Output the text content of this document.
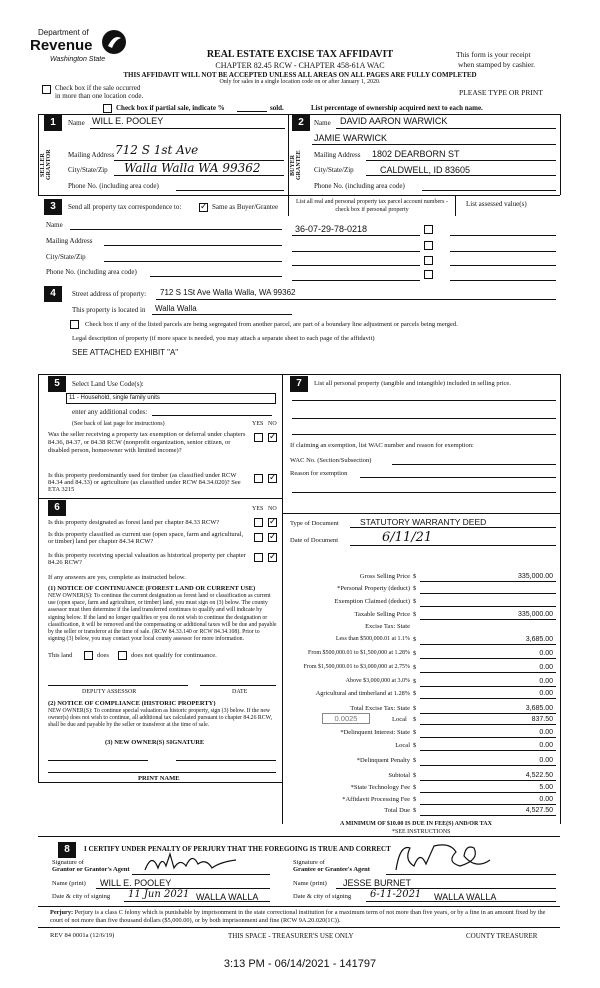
Department of
Revenue
Washington State	REAL ESTATE EXCISE TAX AFFIDAVIT
CHAPTER 82.45 RCW - CHAPTER 458-61A WAC
THIS AFFIDAVIT WILL NOT BE ACCEPTED UNLESS ALL AREAS ON ALL PAGES ARE FULLY COMPLETED
Only for sales in a single location code on or after January 1, 2020.
This form is your receipt
when stamped by cashier.
PLEASE TYPE OR PRINT
Check box if the sale occurred
in more than one location code.
Check box if partial sale, indicate %	sold.	List percentage of ownership acquired next to each name.
1
SELLER GRANTOR
Name WILL E. POOLEY
Mailing Address 712 S 1st Ave
City/State/Zip Walla Walla WA 99362
Phone No. (including area code)
2
BUYER GRANTEE
Name DAVID AARON WARWICK
JAMIE WARWICK
Mailing Address 1802 DEARBORN ST
City/State/Zip	CALDWELL, ID 83605
Phone No. (including area code)
3	Send all property tax correspondence to:
✓	Same as Buyer/Grantee
List all real and personal property tax parcel account numbers - check box if personal property
List assessed value(s)
Name	36-07-29-78-0218
Mailing Address
City/State/Zip
Phone No. (including area code)
4	Street address of property: 712 S 1St Ave Walla Walla, WA 99362
This property is located in Walla Walla
Check box if any of the listed parcels are being segregated from another parcel, are part of a boundary line adjustment or parcels being merged.
Legal description of property (if more space is needed, you may attach a separate sheet to each page of the affidavit)
SEE ATTACHED EXHIBIT "A"
5	Select Land Use Code(s):
11 - Household, single family units
enter any additional codes:
(See back of last page for instructions)	YES NO
Was the seller receiving a property tax exemption or deferral under chapters 84.36, 84.37, or 84.38 RCW (nonprofit organization, senior citizen, or disabled person, homeowner with limited income)?
✓
Is this property predominantly used for timber (as classified under RCW 84.34 and 84.33) or agriculture (as classified under RCW 84.34.020)? See ETA 3215
✓
7	List all personal property (tangible and intangible) included in selling price.
If claiming an exemption, list WAC number and reason for exemption:
WAC No. (Section/Subsection)
Reason for exemption
6	YES NO
Is this property designated as forest land per chapter 84.33 RCW?
✓
Is this property classified as current use (open space, farm and agricultural, or timber) land per chapter 84.34 RCW?
✓
Is this property receiving special valuation as historical property per chapter 84.26 RCW?
✓
If any answers are yes, complete as instructed below.
(1) NOTICE OF CONTINUANCE (FOREST LAND OR CURRENT USE)
NEW OWNER(S): To continue the current designation as forest land or classification as current use (open space, farm and agriculture, or timber) land, you must sign on (3) below. The county assessor must then determine if the land transferred continues to qualify and will indicate by signing below. If the land no longer qualifies or you do not wish to continue the designation or classification, it will be removed and the compensating or additional taxes will be due and payable by the seller or transferor at the time of sale. (RCW 84.33.140 or RCW 84.34.108). Prior to signing (3) below, you may contact your local county assessor for more information.
This land	does	does not qualify for continuance.
DEPUTY ASSESSOR	DATE
(2) NOTICE OF COMPLIANCE (HISTORIC PROPERTY)
NEW OWNER(S): To continue special valuation as historic property, sign (3) below. If the new owner(s) does not wish to continue, all additional tax calculated pursuant to chapter 84.26 RCW, shall be due and payable by the seller or transferor at the time of sale.
(3) NEW OWNER(S) SIGNATURE
PRINT NAME
Type of Document	STATUTORY WARRANTY DEED
Date of Document	6/11/21
Gross Selling Price $	335,000.00
*Personal Property (deduct) $
Exemption Claimed (deduct) $
Taxable Selling Price $	335,000.00
Excise Tax: State
Less than $500,000.01 at 1.1% $	3,685.00
From $500,000.01 to $1,500,000 at 1.28% $	0.00
From $1,500,000.01 to $3,000,000 at 2.75% $	0.00
Above $3,000,000 at 3.0% $	0.00
Agricultural and timberland at 1.28% $	0.00
Total Excise Tax: State $	3,685.00
0.0025	Local $	837.50
*Delinquent Interest: State $	0.00
Local $	0.00
*Delinquent Penalty $	0.00
Subtotal $	4,522.50
*State Technology Fee $	5.00
*Affidavit Processing Fee $	0.00
Total Due $	4,527.50
A MINIMUM OF $10.00 IS DUE IN FEE(S) AND/OR TAX
*SEE INSTRUCTIONS
8	I CERTIFY UNDER PENALTY OF PERJURY THAT THE FOREGOING IS TRUE AND CORRECT
Signature of
Grantor or Grantor's Agent
Signature of
Grantee or Grantee's Agent
Name (print) WILL E. POOLEY	Name (print) JESSE BURNET
Date & city of signing 11 Jun 2021 WALLA WALLA	Date & city of signing 6-11-2021 WALLA WALLA
Perjury: Perjury is a class C felony which is punishable by imprisonment in the state correctional institution for a maximum term of not more than five years, or by a fine in an amount fixed by the court of not more than five thousand dollars ($5,000.00), or by both imprisonment and fine (RCW 9A.20.020(1C)).
REV 84 0001a (12/6/19)	THIS SPACE - TREASURER'S USE ONLY	COUNTY TREASURER
3:13 PM - 06/14/2021 - 141797
